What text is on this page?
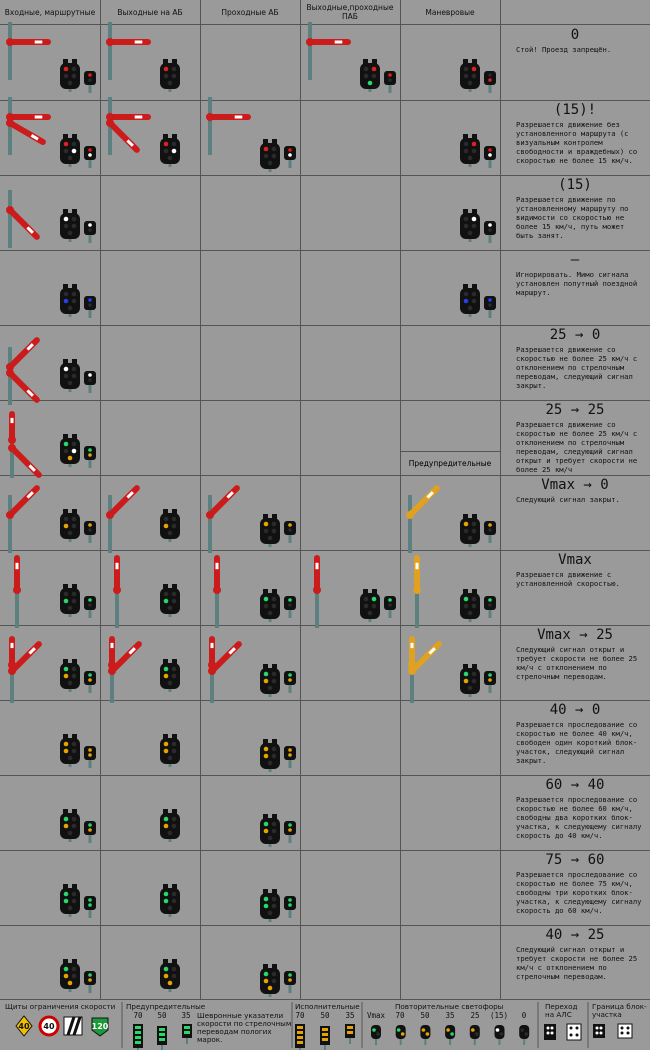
Входные, маршрутные	Выходные на АБ	Проходные АБ	Выходные,проходные ПАБ	Маневровые
Предупредительные
0
Стой! Проезд запрещён.
(15)!
Разрешается движение без установленного маршрута (с визуальным контролем свободности и враждебных) со скоростью не более 15 км/ч.
(15)
Разрешается движение по установленному маршруту по видимости со скоростью не более 15 км/ч, путь может быть занят.
—
Игнорировать. Мимо сигнала установлен попутный поездной маршрут.
25 → 0
Разрешается движение со скоростью не более 25 км/ч с отклонением по стрелочным переводам, следующий сигнал закрыт.
25 → 25
Разрешается движение со скоростью не более 25 км/ч с отклонением по стрелочным переводам, следующий сигнал открыт и требует скорости не более 25 км/ч
Vmax → 0
Следующий сигнал закрыт.
Vmax
Разрешается движение с установленной скоростью.
Vmax → 25
Следующий сигнал открыт и требует скорости не более 25 км/ч с отклонением по стрелочным переводам.
40 → 0
Разрешается проследование со скоростью не более 40 км/ч, свободен один короткий блок-участок, следующий сигнал закрыт.
60 → 40
Разрешается проследование со скоростью не более 60 км/ч, свободны два коротких блок-участка, к следующему сигналу скорость до 40 км/ч.
75 → 60
Разрешается проследование со скоростью не более 75 км/ч, свободны три коротких блок-участка, к следующему сигналу скорость до 60 км/ч.
40 → 25
Следующий сигнал открыт и требует скорости не более 25 км/ч с отклонением по стрелочным переводам.
Щиты ограничения скорости Предупредительные
Шевронные указатели скорости по стрелочным переводам пологих марок.
Исполнительные	Повторительные светофоры	Переход на АЛС
Граница блок-участка
70	50	35	70	50	35	Vmax	70	50	35	25	(15)	0
40 40	120
